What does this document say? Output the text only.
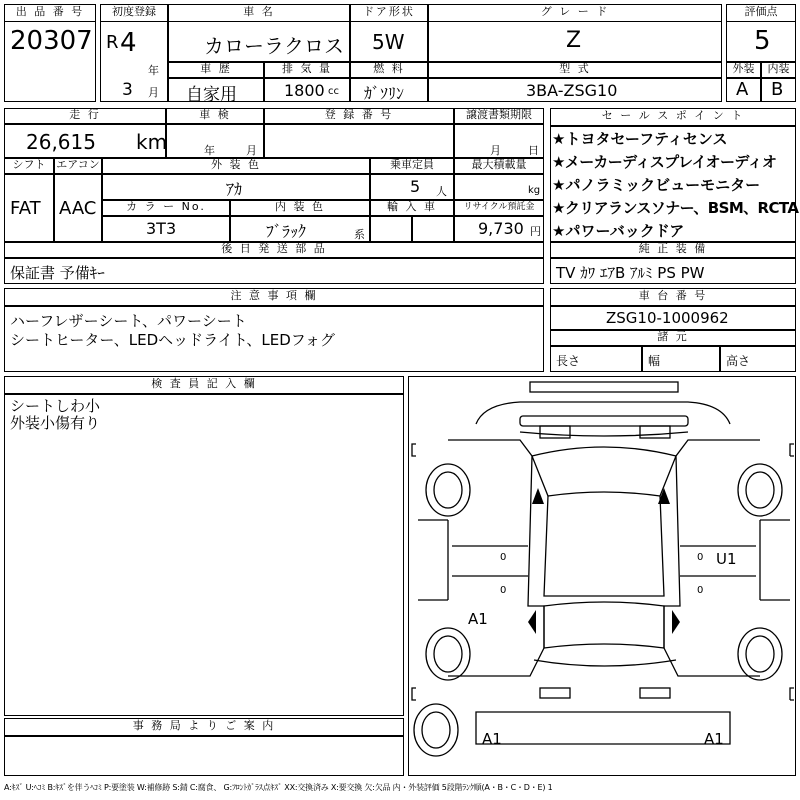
出 品 番 号
20307
初度登録
R 4
年
3 月
車 名
カローラクロス
ドア形状
5W
グ レ ー ド
Z
評価点
5
車 歴
自家用
排 気 量
1800 cc
燃 料
ｶﾞｿﾘﾝ
型 式
3BA-ZSG10
外装
A
内装
B
走 行
26,615 km
車 検
年	月
登 録 番 号	譲渡書類期限
月 日
シフト
FAT
エアコン
AAC
外 装 色
ｱｶ
乗車定員
5 人
最大積載量
kg
カ ラ ー No.
3T3
内 装 色
ﾌﾞﾗｯｸ	系
輸 入 車	リサイクル預託金
9,730 円
後 日 発 送 部 品
保証書 予備ｷｰ
セ ー ル ス ポ イ ン ト
★トヨタセーフティセンス
★メーカーディスプレイオーディオ
★パノラミックビューモニター
★クリアランスソナー、BSM、RCTA
★パワーバックドア
純 正 装 備
TV ｶﾜ ｴｱB ｱﾙﾐ PS PW
注 意 事 項 欄
ハーフレザーシート、パワーシート
シートヒーター、LEDヘッドライト、LEDフォグ
車 台 番 号
ZSG10-1000962
諸 元
長さ	幅	高さ
検 査 員 記 入 欄
シートしわ小
外装小傷有り
事 務 局 よ り ご 案 内
U1
A1
A1	A1
0	0
0	0
A:ｷｽﾞ U:ﾍｺﾐ B:ｷｽﾞを伴うﾍｺﾐ P:要塗装 W:補修跡 S:錆 C:腐食、 G:ﾌﾛﾝﾄｶﾞﾗｽ点ｷｽﾞ XX:交換済み X:要交換 欠:欠品 内・外装評価 5段階ﾗﾝｸ順(A・B・C・D・E) 1
